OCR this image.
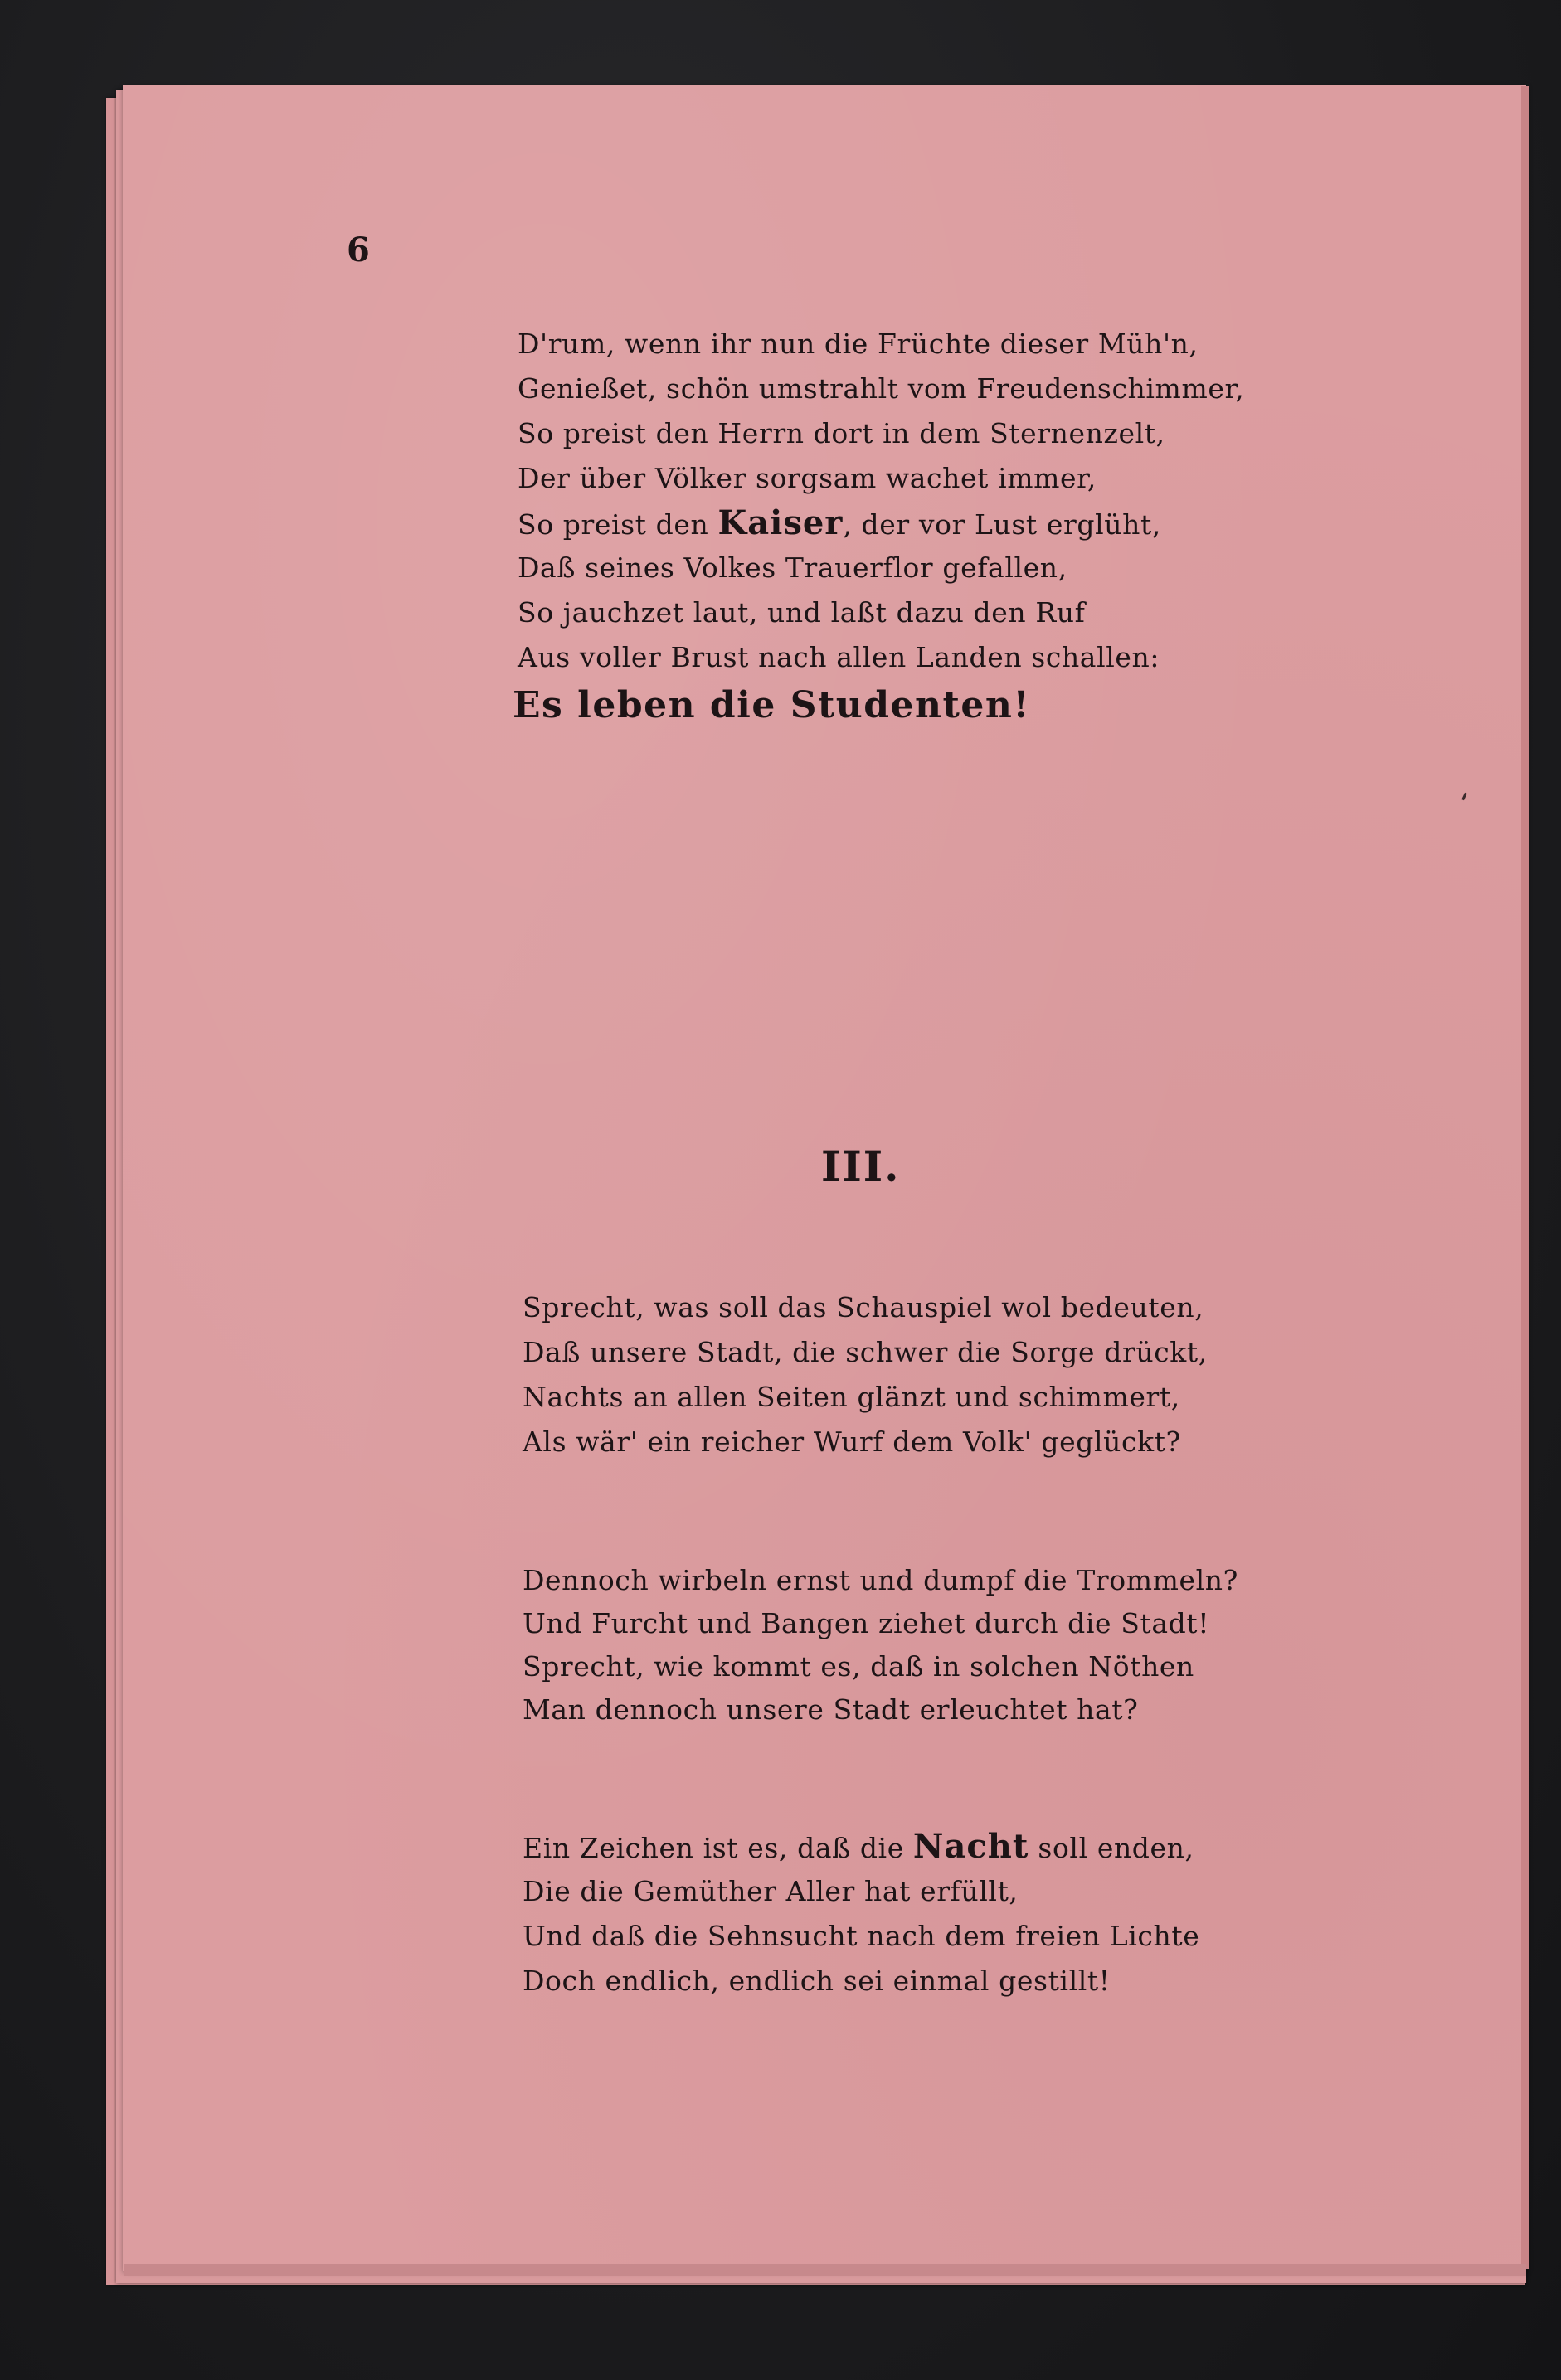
6
D'rum, wenn ihr nun die Früchte dieser Müh'n,
Genießet, schön umstrahlt vom Freudenschimmer,
So preist den Herrn dort in dem Sternenzelt,
Der über Völker sorgsam wachet immer,
So preist den Kaiser, der vor Lust erglüht,
Daß seines Volkes Trauerflor gefallen,
So jauchzet laut, und laßt dazu den Ruf
Aus voller Brust nach allen Landen schallen:
Es leben die Studenten!
III.
Sprecht, was soll das Schauspiel wol bedeuten,
Daß unsere Stadt, die schwer die Sorge drückt,
Nachts an allen Seiten glänzt und schimmert,
Als wär' ein reicher Wurf dem Volk' geglückt?
Dennoch wirbeln ernst und dumpf die Trommeln?
Und Furcht und Bangen ziehet durch die Stadt!
Sprecht, wie kommt es, daß in solchen Nöthen
Man dennoch unsere Stadt erleuchtet hat?
Ein Zeichen ist es, daß die Nacht soll enden,
Die die Gemüther Aller hat erfüllt,
Und daß die Sehnsucht nach dem freien Lichte
Doch endlich, endlich sei einmal gestillt!
